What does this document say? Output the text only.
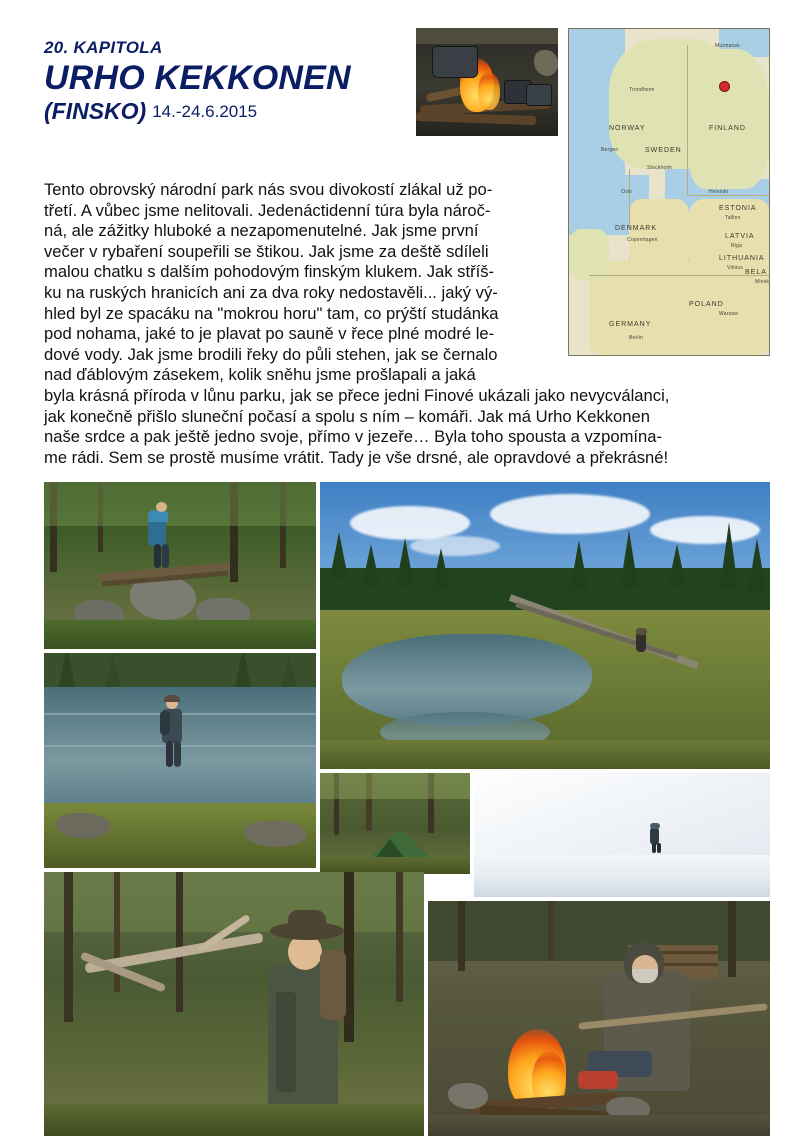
20. KAPITOLA
URHO KEKKONEN
(FINSKO) 14.-24.6.2015
NORWAY
SWEDEN
FINLAND
DENMARK
ESTONIA
LATVIA
LITHUANIA
BELA
POLAND
GERMANY
Stockholm
Oslo	Helsinki
Tallinn
Riga
Vilnius
Minsk
Warsaw
Berlin
Murmansk
Trondheim
Bergen
Copenhagen

Tento obrovský národní park nás svou divokostí zlákal už po-

třetí. A vůbec jsme nelitovali. Jedenáctidenní túra byla nároč-

ná, ale zážitky hluboké a nezapomenutelné. Jak jsme první

večer v rybaření soupeřili se štikou. Jak jsme za deště sdíleli

malou chatku s dalším pohodovým finským klukem. Jak stříš-

ku na ruských hranicích ani za dva roky nedostavěli... jaký vý-

hled byl ze spacáku na "mokrou horu" tam, co prýští studánka

pod nohama, jaké to je plavat po sauně v řece plné modré le-

dové vody. Jak jsme brodili řeky do půli stehen, jak se černalo

nad ďáblovým zásekem, kolik sněhu jsme prošlapali a jaká

byla krásná příroda v lůnu parku, jak se přece jedni Finové ukázali jako nevycválanci,

jak konečně přišlo sluneční počasí a spolu s ním – komáři. Jak má Urho Kekkonen

naše srdce a pak ještě jedno svoje, přímo v jezeře… Byla toho spousta a vzpomína-

me rádi. Sem se prostě musíme vrátit. Tady je vše drsné, ale opravdové a překrásné!
